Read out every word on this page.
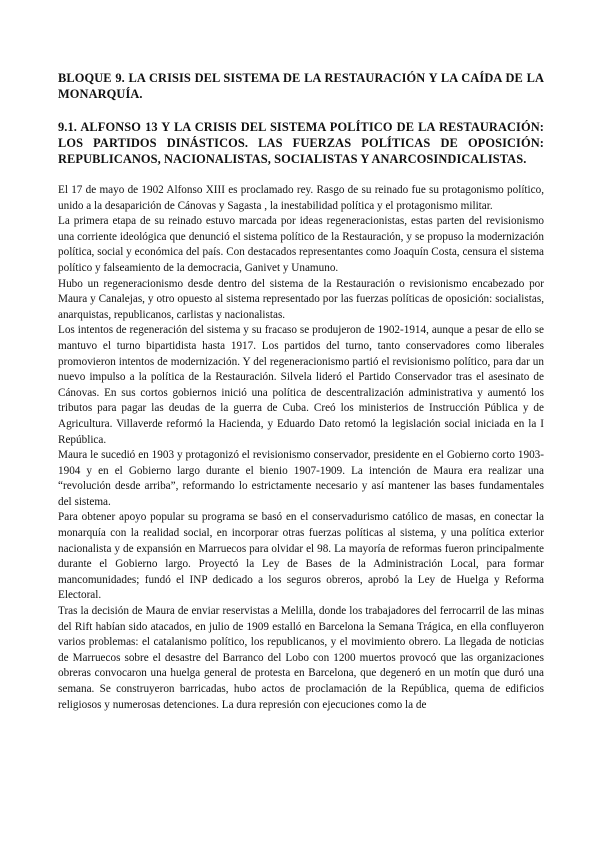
BLOQUE 9. LA CRISIS DEL SISTEMA DE LA RESTAURACIÓN Y LA CAÍDA DE LA MONARQUÍA.
9.1. ALFONSO 13 Y LA CRISIS DEL SISTEMA POLÍTICO DE LA RESTAURACIÓN: LOS PARTIDOS DINÁSTICOS. LAS FUERZAS POLÍTICAS DE OPOSICIÓN: REPUBLICANOS, NACIONALISTAS, SOCIALISTAS Y ANARCOSINDICALISTAS.

El 17 de mayo de 1902 Alfonso XIII es proclamado rey. Rasgo de su reinado fue su protagonismo político, unido a la desaparición de Cánovas y Sagasta , la inestabilidad política y el protagonismo militar.

La primera etapa de su reinado estuvo marcada por ideas regeneracionistas, estas parten del revisionismo una corriente ideológica que denunció el sistema político de la Restauración, y se propuso la modernización política, social y económica del país. Con destacados representantes como Joaquín Costa, censura el sistema político y falseamiento de la democracia, Ganivet y Unamuno.

Hubo un regeneracionismo desde dentro del sistema de la Restauración o revisionismo encabezado por Maura y Canalejas, y otro opuesto al sistema representado por las fuerzas políticas de oposición: socialistas, anarquistas, republicanos, carlistas y nacionalistas.

Los intentos de regeneración del sistema y su fracaso se produjeron de 1902-1914, aunque a pesar de ello se mantuvo el turno bipartidista hasta 1917. Los partidos del turno, tanto conservadores como liberales promovieron intentos de modernización. Y del regeneracionismo partió el revisionismo político, para dar un nuevo impulso a la política de la Restauración. Silvela lideró el Partido Conservador tras el asesinato de Cánovas. En sus cortos gobiernos inició una política de descentralización administrativa y aumentó los tributos para pagar las deudas de la guerra de Cuba. Creó los ministerios de Instrucción Pública y de Agricultura. Villaverde reformó la Hacienda, y Eduardo Dato retomó la legislación social iniciada en la I República.

Maura le sucedió en 1903 y protagonizó el revisionismo conservador, presidente en el Gobierno corto 1903-1904 y en el Gobierno largo durante el bienio 1907-1909. La intención de Maura era realizar una “revolución desde arriba”, reformando lo estrictamente necesario y así mantener las bases fundamentales del sistema.

Para obtener apoyo popular su programa se basó en el conservadurismo católico de masas, en conectar la monarquía con la realidad social, en incorporar otras fuerzas políticas al sistema, y una política exterior nacionalista y de expansión en Marruecos para olvidar el 98. La mayoría de reformas fueron principalmente durante el Gobierno largo. Proyectó la Ley de Bases de la Administración Local, para formar mancomunidades; fundó el INP dedicado a los seguros obreros, aprobó la Ley de Huelga y Reforma Electoral.

Tras la decisión de Maura de enviar reservistas a Melilla, donde los trabajadores del ferrocarril de las minas del Rift habían sido atacados, en julio de 1909 estalló en Barcelona la Semana Trágica, en ella confluyeron varios problemas: el catalanismo político, los republicanos, y el movimiento obrero. La llegada de noticias de Marruecos sobre el desastre del Barranco del Lobo con 1200 muertos provocó que las organizaciones obreras convocaron una huelga general de protesta en Barcelona, que degeneró en un motín que duró una semana. Se construyeron barricadas, hubo actos de proclamación de la República, quema de edificios religiosos y numerosas detenciones. La dura represión con ejecuciones como la de
